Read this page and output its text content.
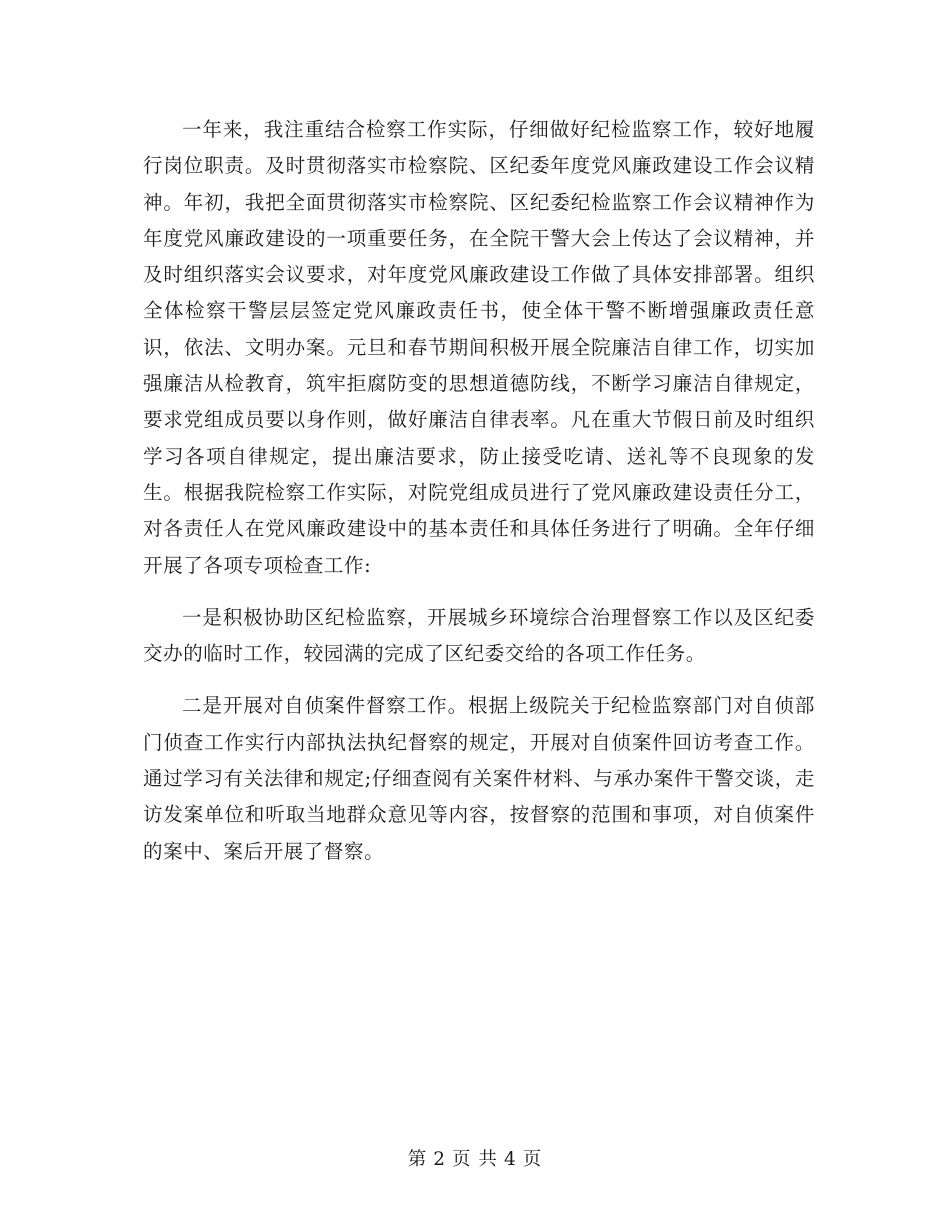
一年来，我注重结合检察工作实际，仔细做好纪检监察工作，较好地履行岗位职责。及时贯彻落实市检察院、区纪委年度党风廉政建设工作会议精神。年初，我把全面贯彻落实市检察院、区纪委纪检监察工作会议精神作为年度党风廉政建设的一项重要任务，在全院干警大会上传达了会议精神，并及时组织落实会议要求，对年度党风廉政建设工作做了具体安排部署。组织全体检察干警层层签定党风廉政责任书，使全体干警不断增强廉政责任意识，依法、文明办案。元旦和春节期间积极开展全院廉洁自律工作，切实加强廉洁从检教育，筑牢拒腐防变的思想道德防线，不断学习廉洁自律规定，要求党组成员要以身作则，做好廉洁自律表率。凡在重大节假日前及时组织学习各项自律规定，提出廉洁要求，防止接受吃请、送礼等不良现象的发生。根据我院检察工作实际，对院党组成员进行了党风廉政建设责任分工，对各责任人在党风廉政建设中的基本责任和具体任务进行了明确。全年仔细开展了各项专项检查工作:

一是积极协助区纪检监察，开展城乡环境综合治理督察工作以及区纪委交办的临时工作，较园满的完成了区纪委交给的各项工作任务。

二是开展对自侦案件督察工作。根据上级院关于纪检监察部门对自侦部门侦查工作实行内部执法执纪督察的规定，开展对自侦案件回访考查工作。通过学习有关法律和规定;仔细查阅有关案件材料、与承办案件干警交谈，走访发案单位和听取当地群众意见等内容，按督察的范围和事项，对自侦案件的案中、案后开展了督察。

第 2 页 共 4 页
